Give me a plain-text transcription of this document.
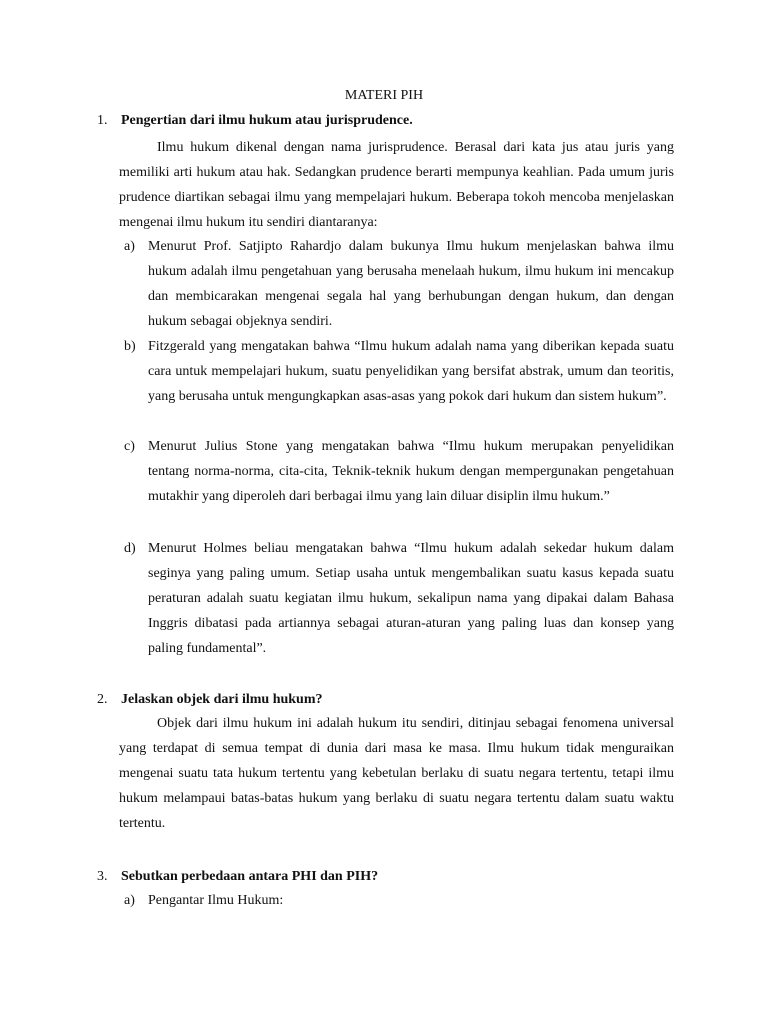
MATERI PIH
1. Pengertian dari ilmu hukum atau jurisprudence.

Ilmu hukum dikenal dengan nama jurisprudence. Berasal dari kata jus atau juris yang memiliki arti hukum atau hak. Sedangkan prudence berarti mempunya keahlian. Pada umum juris prudence diartikan sebagai ilmu yang mempelajari hukum. Beberapa tokoh mencoba menjelaskan mengenai ilmu hukum itu sendiri diantaranya:

a) Menurut Prof. Satjipto Rahardjo dalam bukunya Ilmu hukum menjelaskan bahwa ilmu hukum adalah ilmu pengetahuan yang berusaha menelaah hukum, ilmu hukum ini mencakup dan membicarakan mengenai segala hal yang berhubungan dengan hukum, dan dengan hukum sebagai objeknya sendiri.

b) Fitzgerald yang mengatakan bahwa “Ilmu hukum adalah nama yang diberikan kepada suatu cara untuk mempelajari hukum, suatu penyelidikan yang bersifat abstrak, umum dan teoritis, yang berusaha untuk mengungkapkan asas-asas yang pokok dari hukum dan sistem hukum”.

c) Menurut Julius Stone yang mengatakan bahwa “Ilmu hukum merupakan penyelidikan tentang norma-norma, cita-cita, Teknik-teknik hukum dengan mempergunakan pengetahuan mutakhir yang diperoleh dari berbagai ilmu yang lain diluar disiplin ilmu hukum.”

d) Menurut Holmes beliau mengatakan bahwa “Ilmu hukum adalah sekedar hukum dalam seginya yang paling umum. Setiap usaha untuk mengembalikan suatu kasus kepada suatu peraturan adalah suatu kegiatan ilmu hukum, sekalipun nama yang dipakai dalam Bahasa Inggris dibatasi pada artiannya sebagai aturan-aturan yang paling luas dan konsep yang paling fundamental”.

2. Jelaskan objek dari ilmu hukum?

Objek dari ilmu hukum ini adalah hukum itu sendiri, ditinjau sebagai fenomena universal yang terdapat di semua tempat di dunia dari masa ke masa. Ilmu hukum tidak menguraikan mengenai suatu tata hukum tertentu yang kebetulan berlaku di suatu negara tertentu, tetapi ilmu hukum melampaui batas-batas hukum yang berlaku di suatu negara tertentu dalam suatu waktu tertentu.

3. Sebutkan perbedaan antara PHI dan PIH?
a) Pengantar Ilmu Hukum:
